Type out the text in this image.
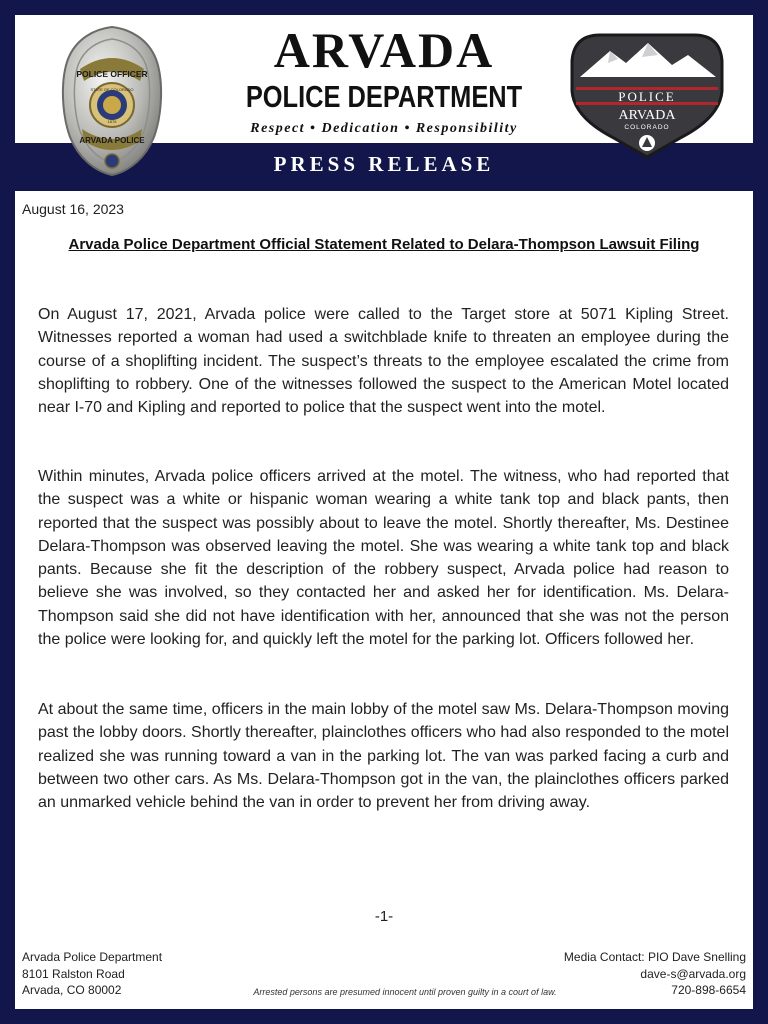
ARVADA
POLICE DEPARTMENT
Respect • Dedication • Responsibility
PRESS RELEASE
POLICE OFFICER
STATE OF COLORADO
1876
ARVADA POLICE
POLICE
ARVADA
COLORADO
August 16, 2023
Arvada Police Department Official Statement Related to Delara-Thompson Lawsuit Filing

On August 17, 2021, Arvada police were called to the Target store at 5071 Kipling Street. Witnesses reported a woman had used a switchblade knife to threaten an employee during the course of a shoplifting incident. The suspect’s threats to the employee escalated the crime from shoplifting to robbery. One of the witnesses followed the suspect to the American Motel located near I-70 and Kipling and reported to police that the suspect went into the motel.

Within minutes, Arvada police officers arrived at the motel. The witness, who had reported that the suspect was a white or hispanic woman wearing a white tank top and black pants, then reported that the suspect was possibly about to leave the motel. Shortly thereafter, Ms. Destinee Delara-Thompson was observed leaving the motel. She was wearing a white tank top and black pants. Because she fit the description of the robbery suspect, Arvada police had reason to believe she was involved, so they contacted her and asked her for identification. Ms. Delara-Thompson said she did not have identification with her, announced that she was not the person the police were looking for, and quickly left the motel for the parking lot. Officers followed her.

At about the same time, officers in the main lobby of the motel saw Ms. Delara-Thompson moving past the lobby doors. Shortly thereafter, plainclothes officers who had also responded to the motel realized she was running toward a van in the parking lot. The van was parked facing a curb and between two other cars. As Ms. Delara-Thompson got in the van, the plainclothes officers parked an unmarked vehicle behind the van in order to prevent her from driving away.

-1-
Arvada Police Department
8101 Ralston Road
Arvada, CO 80002
Media Contact: PIO Dave Snelling
dave-s@arvada.org
720-898-6654
Arrested persons are presumed innocent until proven guilty in a court of law.
